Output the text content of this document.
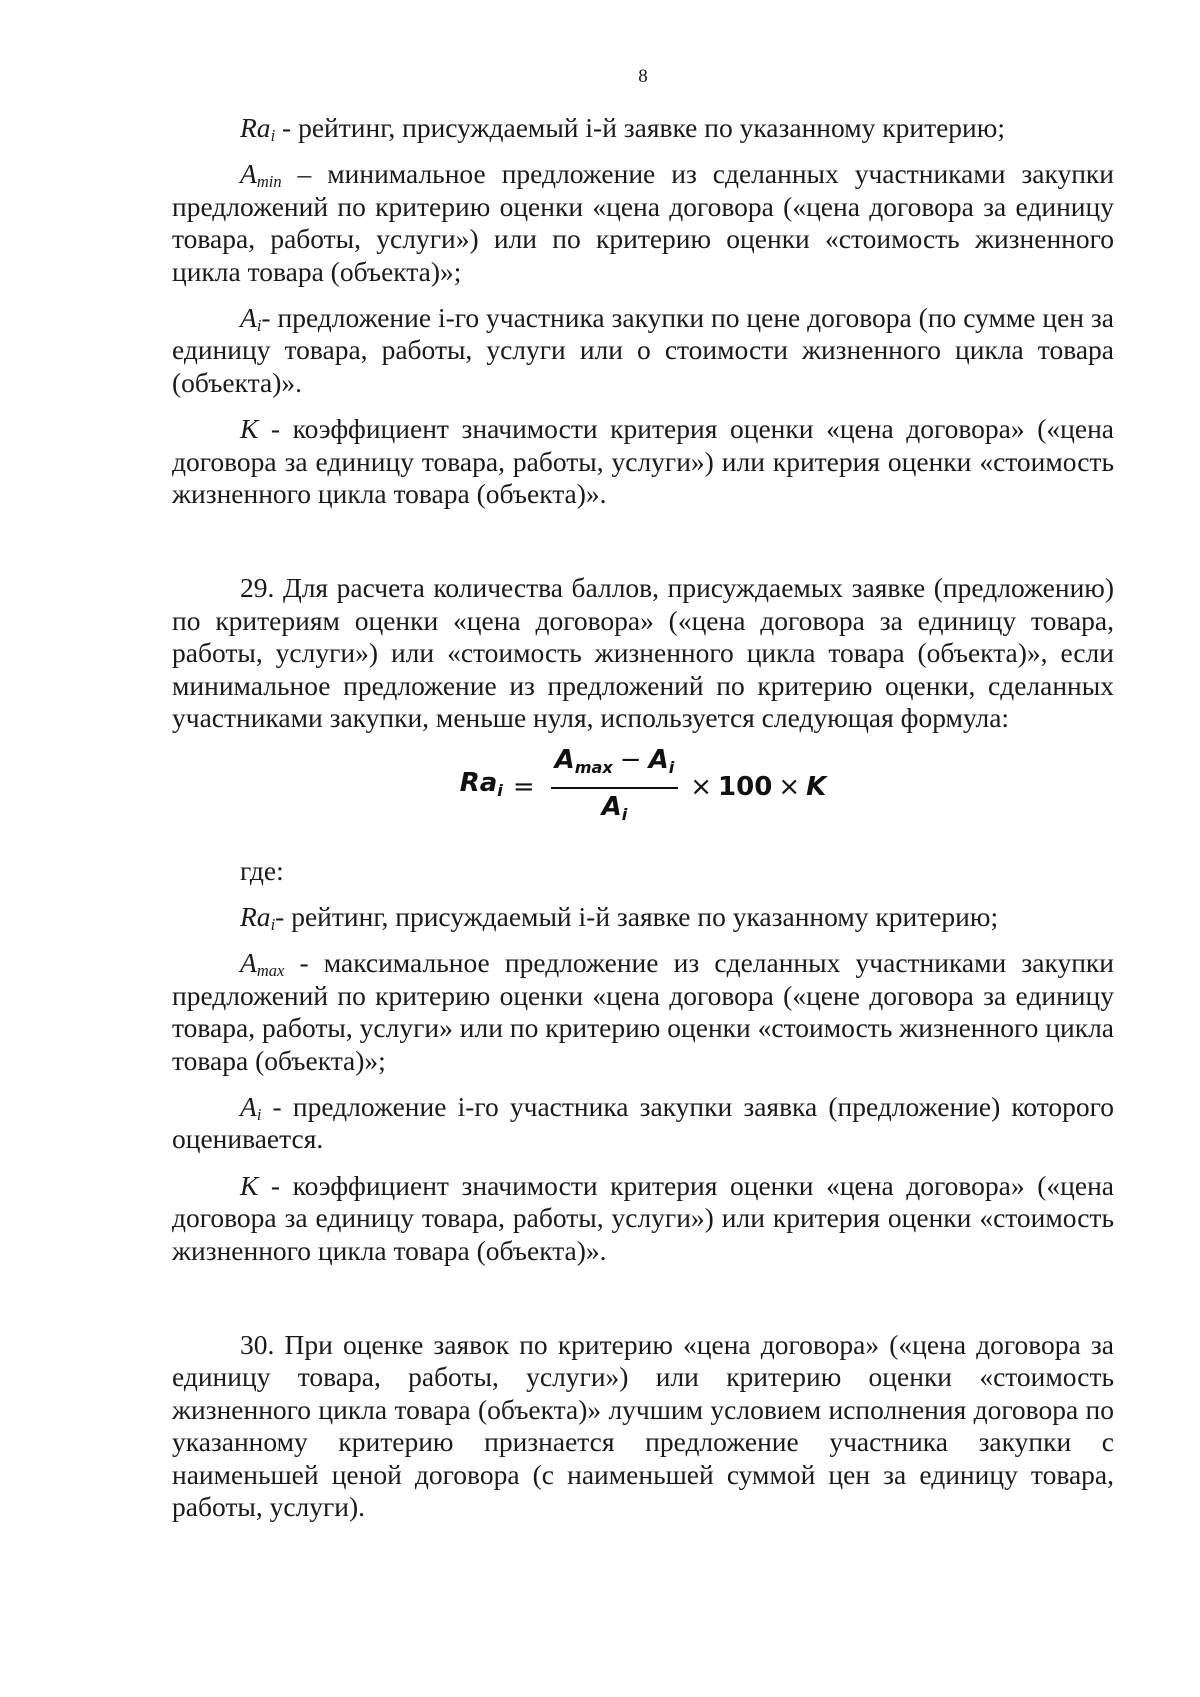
8

$Ra_i$ - рейтинг, присуждаемый i-й заявке по указанному критерию;

$A_{min}$ – минимальное предложение из сделанных участниками закупки предложений по критерию оценки «цена договора («цена договора за единицу товара, работы, услуги») или по критерию оценки «стоимость жизненного цикла товара (объекта)»;

$A_i-$ предложение i-го участника закупки по цене договора (по сумме цен за единицу товара, работы, услуги или о стоимости жизненного цикла товара (объекта)».

К - коэффициент значимости критерия оценки «цена договора» («цена договора за единицу товара, работы, услуги») или критерия оценки «стоимость жизненного цикла товара (объекта)».

29. Для расчета количества баллов, присуждаемых заявке (предложению) по критериям оценки «цена договора» («цена договора за единицу товара, работы, услуги») или «стоимость жизненного цикла товара (объекта)», если минимальное предложение из предложений по критерию оценки, сделанных участниками закупки, меньше нуля, используется следующая формула:

Rai = $\frac{Amax - Ai}{Ai} \times 100 \times K$

где:

$Ra_i-$ рейтинг, присуждаемый i-й заявке по указанному критерию;

$A_{max}$ - максимальное предложение из сделанных участниками закупки предложений по критерию оценки «цена договора («цене договора за единицу товара, работы, услуги» или по критерию оценки «стоимость жизненного цикла товара (объекта)»;

$A_i$ - предложение i-го участника закупки заявка (предложение) которого оценивается.

К - коэффициент значимости критерия оценки «цена договора» («цена договора за единицу товара, работы, услуги») или критерия оценки «стоимость жизненного цикла товара (объекта)».

30. При оценке заявок по критерию «цена договора» («цена договора за единицу товара, работы, услуги») или критерию оценки «стоимость жизненного цикла товара (объекта)» лучшим условием исполнения договора по указанному критерию признается предложение участника закупки с наименьшей ценой договора (с наименьшей суммой цен за единицу товара, работы, услуги).
